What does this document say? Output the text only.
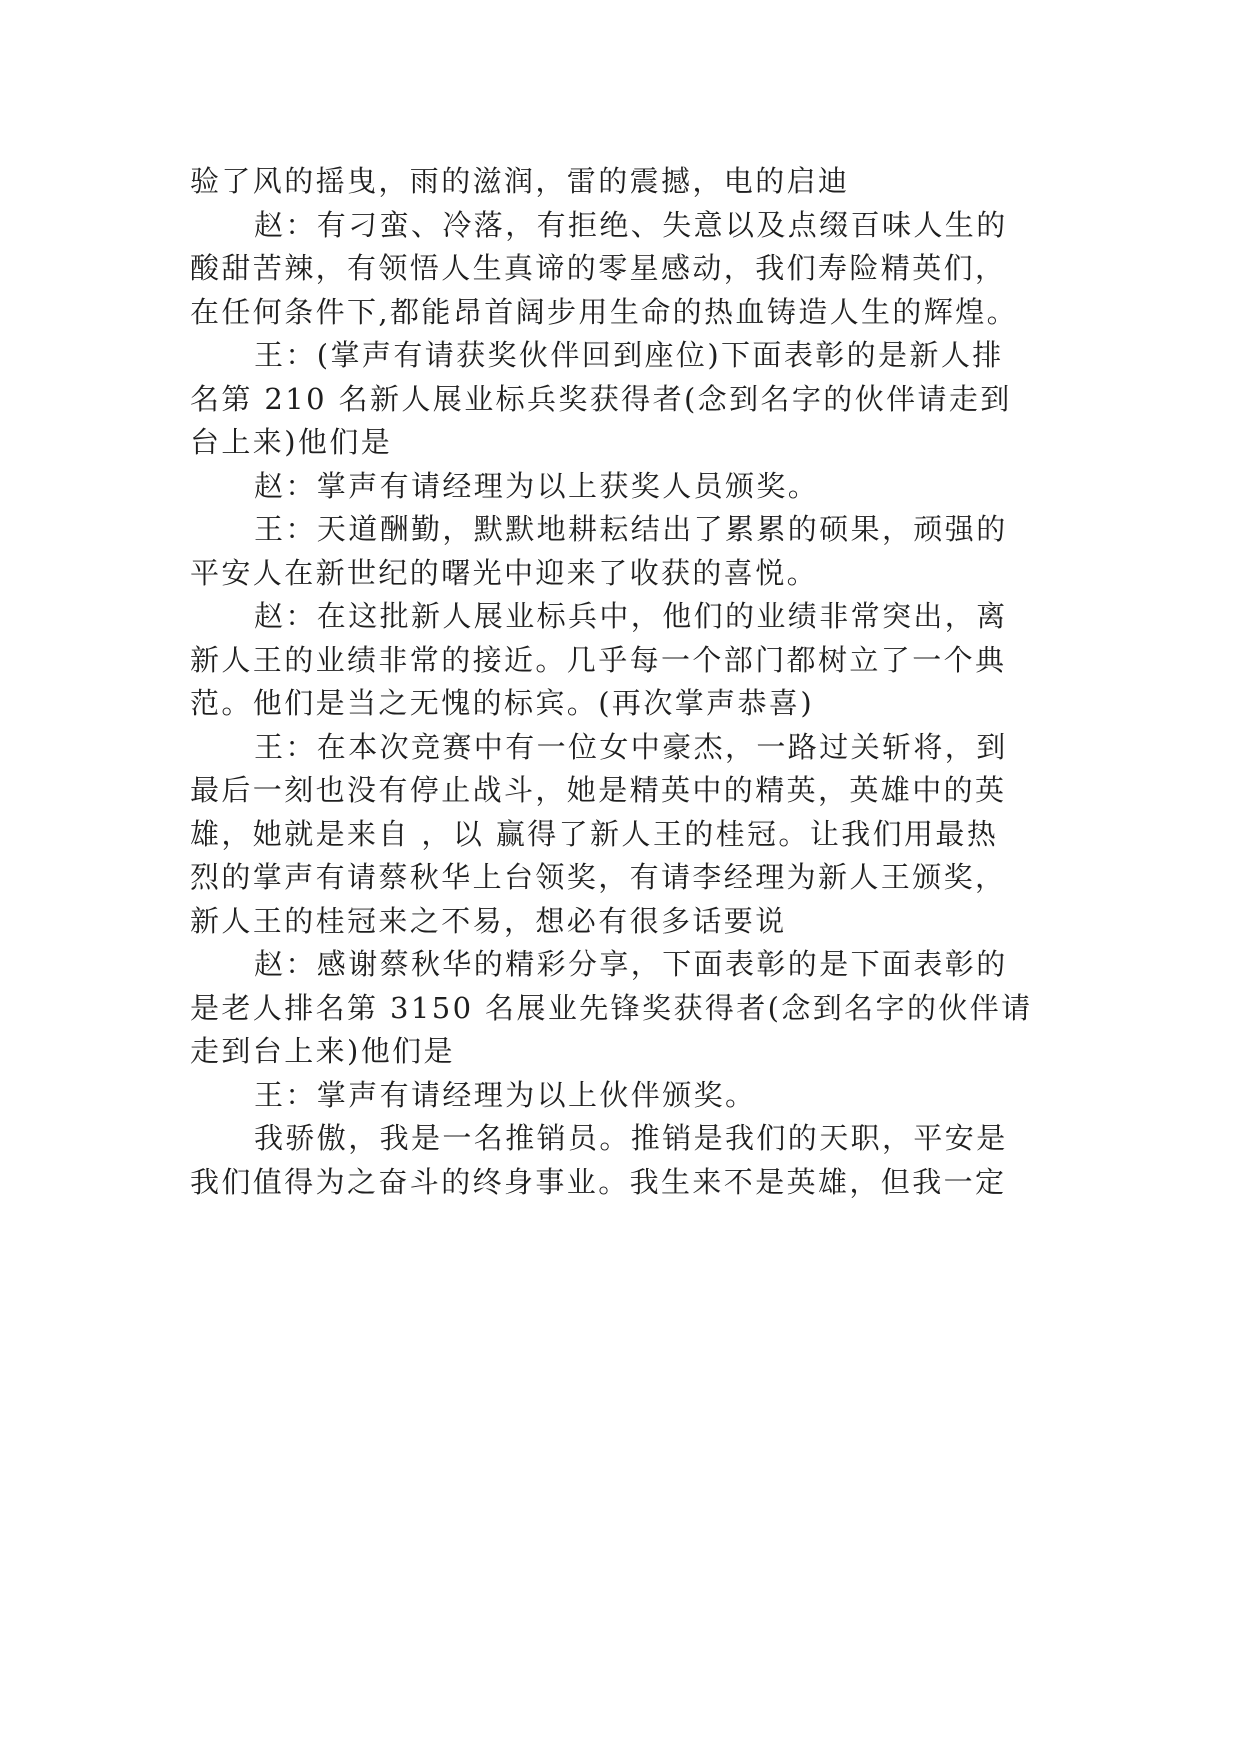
验了风的摇曳，雨的滋润，雷的震撼，电的启迪
赵：有刁蛮、冷落，有拒绝、失意以及点缀百味人生的
酸甜苦辣，有领悟人生真谛的零星感动，我们寿险精英们，
在任何条件下,都能昂首阔步用生命的热血铸造人生的辉煌。
王：(掌声有请获奖伙伴回到座位)下面表彰的是新人排
名第 210 名新人展业标兵奖获得者(念到名字的伙伴请走到
台上来)他们是
赵：掌声有请经理为以上获奖人员颁奖。
王：天道酬勤，默默地耕耘结出了累累的硕果，顽强的
平安人在新世纪的曙光中迎来了收获的喜悦。
赵：在这批新人展业标兵中，他们的业绩非常突出，离
新人王的业绩非常的接近。几乎每一个部门都树立了一个典
范。他们是当之无愧的标宾。(再次掌声恭喜)
王：在本次竞赛中有一位女中豪杰，一路过关斩将，到
最后一刻也没有停止战斗，她是精英中的精英，英雄中的英
雄，她就是来自 ，以 赢得了新人王的桂冠。让我们用最热
烈的掌声有请蔡秋华上台领奖，有请李经理为新人王颁奖，
新人王的桂冠来之不易，想必有很多话要说
赵：感谢蔡秋华的精彩分享，下面表彰的是下面表彰的
是老人排名第 3150 名展业先锋奖获得者(念到名字的伙伴请
走到台上来)他们是
王：掌声有请经理为以上伙伴颁奖。
我骄傲，我是一名推销员。推销是我们的天职，平安是
我们值得为之奋斗的终身事业。我生来不是英雄，但我一定
